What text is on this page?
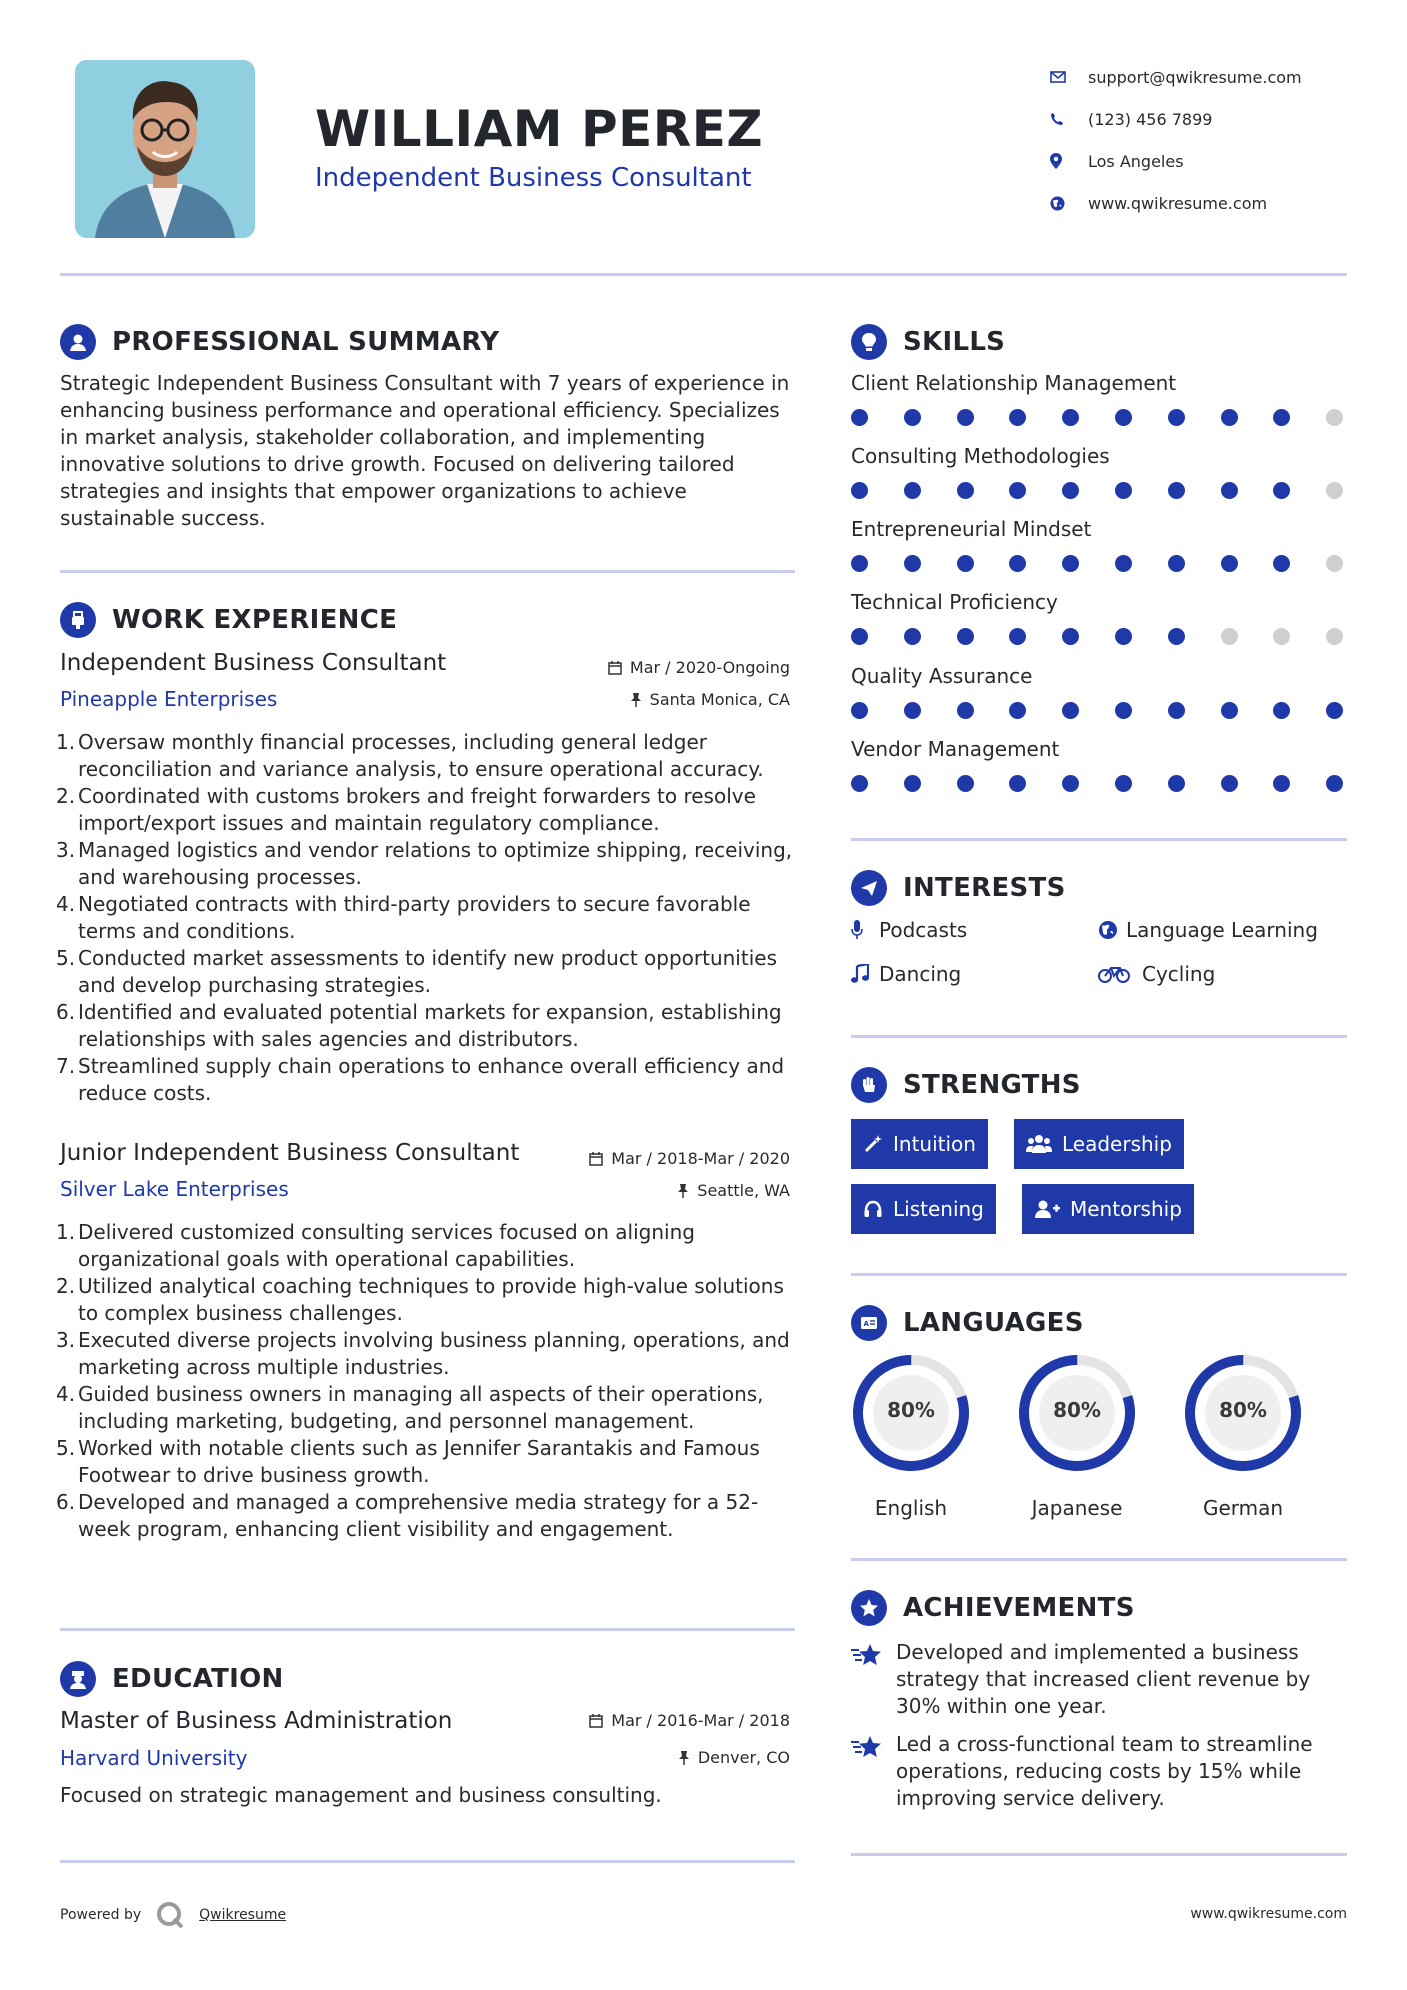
WILLIAM PEREZ
Independent Business Consultant
support@qwikresume.com
(123) 456 7899
Los Angeles
www.qwikresume.com
PROFESSIONAL SUMMARY
Strategic Independent Business Consultant with 7 years of experience in enhancing business performance and operational efficiency. Specializes in market analysis, stakeholder collaboration, and implementing innovative solutions to drive growth. Focused on delivering tailored strategies and insights that empower organizations to achieve sustainable success.
WORK EXPERIENCE
Independent Business Consultant	Mar / 2020-Ongoing
Pineapple Enterprises	Santa Monica, CA
1. Oversaw monthly financial processes, including general ledger reconciliation and variance analysis, to ensure operational accuracy.
2. Coordinated with customs brokers and freight forwarders to resolve import/export issues and maintain regulatory compliance.
3. Managed logistics and vendor relations to optimize shipping, receiving, and warehousing processes.
4. Negotiated contracts with third-party providers to secure favorable terms and conditions.
5. Conducted market assessments to identify new product opportunities and develop purchasing strategies.
6. Identified and evaluated potential markets for expansion, establishing relationships with sales agencies and distributors.
7. Streamlined supply chain operations to enhance overall efficiency and reduce costs.
Junior Independent Business Consultant	Mar / 2018-Mar / 2020
Silver Lake Enterprises	Seattle, WA
1. Delivered customized consulting services focused on aligning organizational goals with operational capabilities.
2. Utilized analytical coaching techniques to provide high-value solutions to complex business challenges.
3. Executed diverse projects involving business planning, operations, and marketing across multiple industries.
4. Guided business owners in managing all aspects of their operations, including marketing, budgeting, and personnel management.
5. Worked with notable clients such as Jennifer Sarantakis and Famous Footwear to drive business growth.
6. Developed and managed a comprehensive media strategy for a 52-week program, enhancing client visibility and engagement.
EDUCATION
Master of Business Administration	Mar / 2016-Mar / 2018
Harvard University	Denver, CO
Focused on strategic management and business consulting.
SKILLS
Client Relationship Management
Consulting Methodologies
Entrepreneurial Mindset
Technical Proficiency
Quality Assurance
Vendor Management
INTERESTS
Podcasts	Language Learning
Dancing	Cycling
STRENGTHS
Intuition	Leadership
Listening	Mentorship
A LANGUAGES
80%
English
80%
Japanese
80%
German
ACHIEVEMENTS
Developed and implemented a business strategy that increased client revenue by 30% within one year.
Led a cross-functional team to streamline operations, reducing costs by 15% while improving service delivery.
Powered by	Qwikresume	www.qwikresume.com
